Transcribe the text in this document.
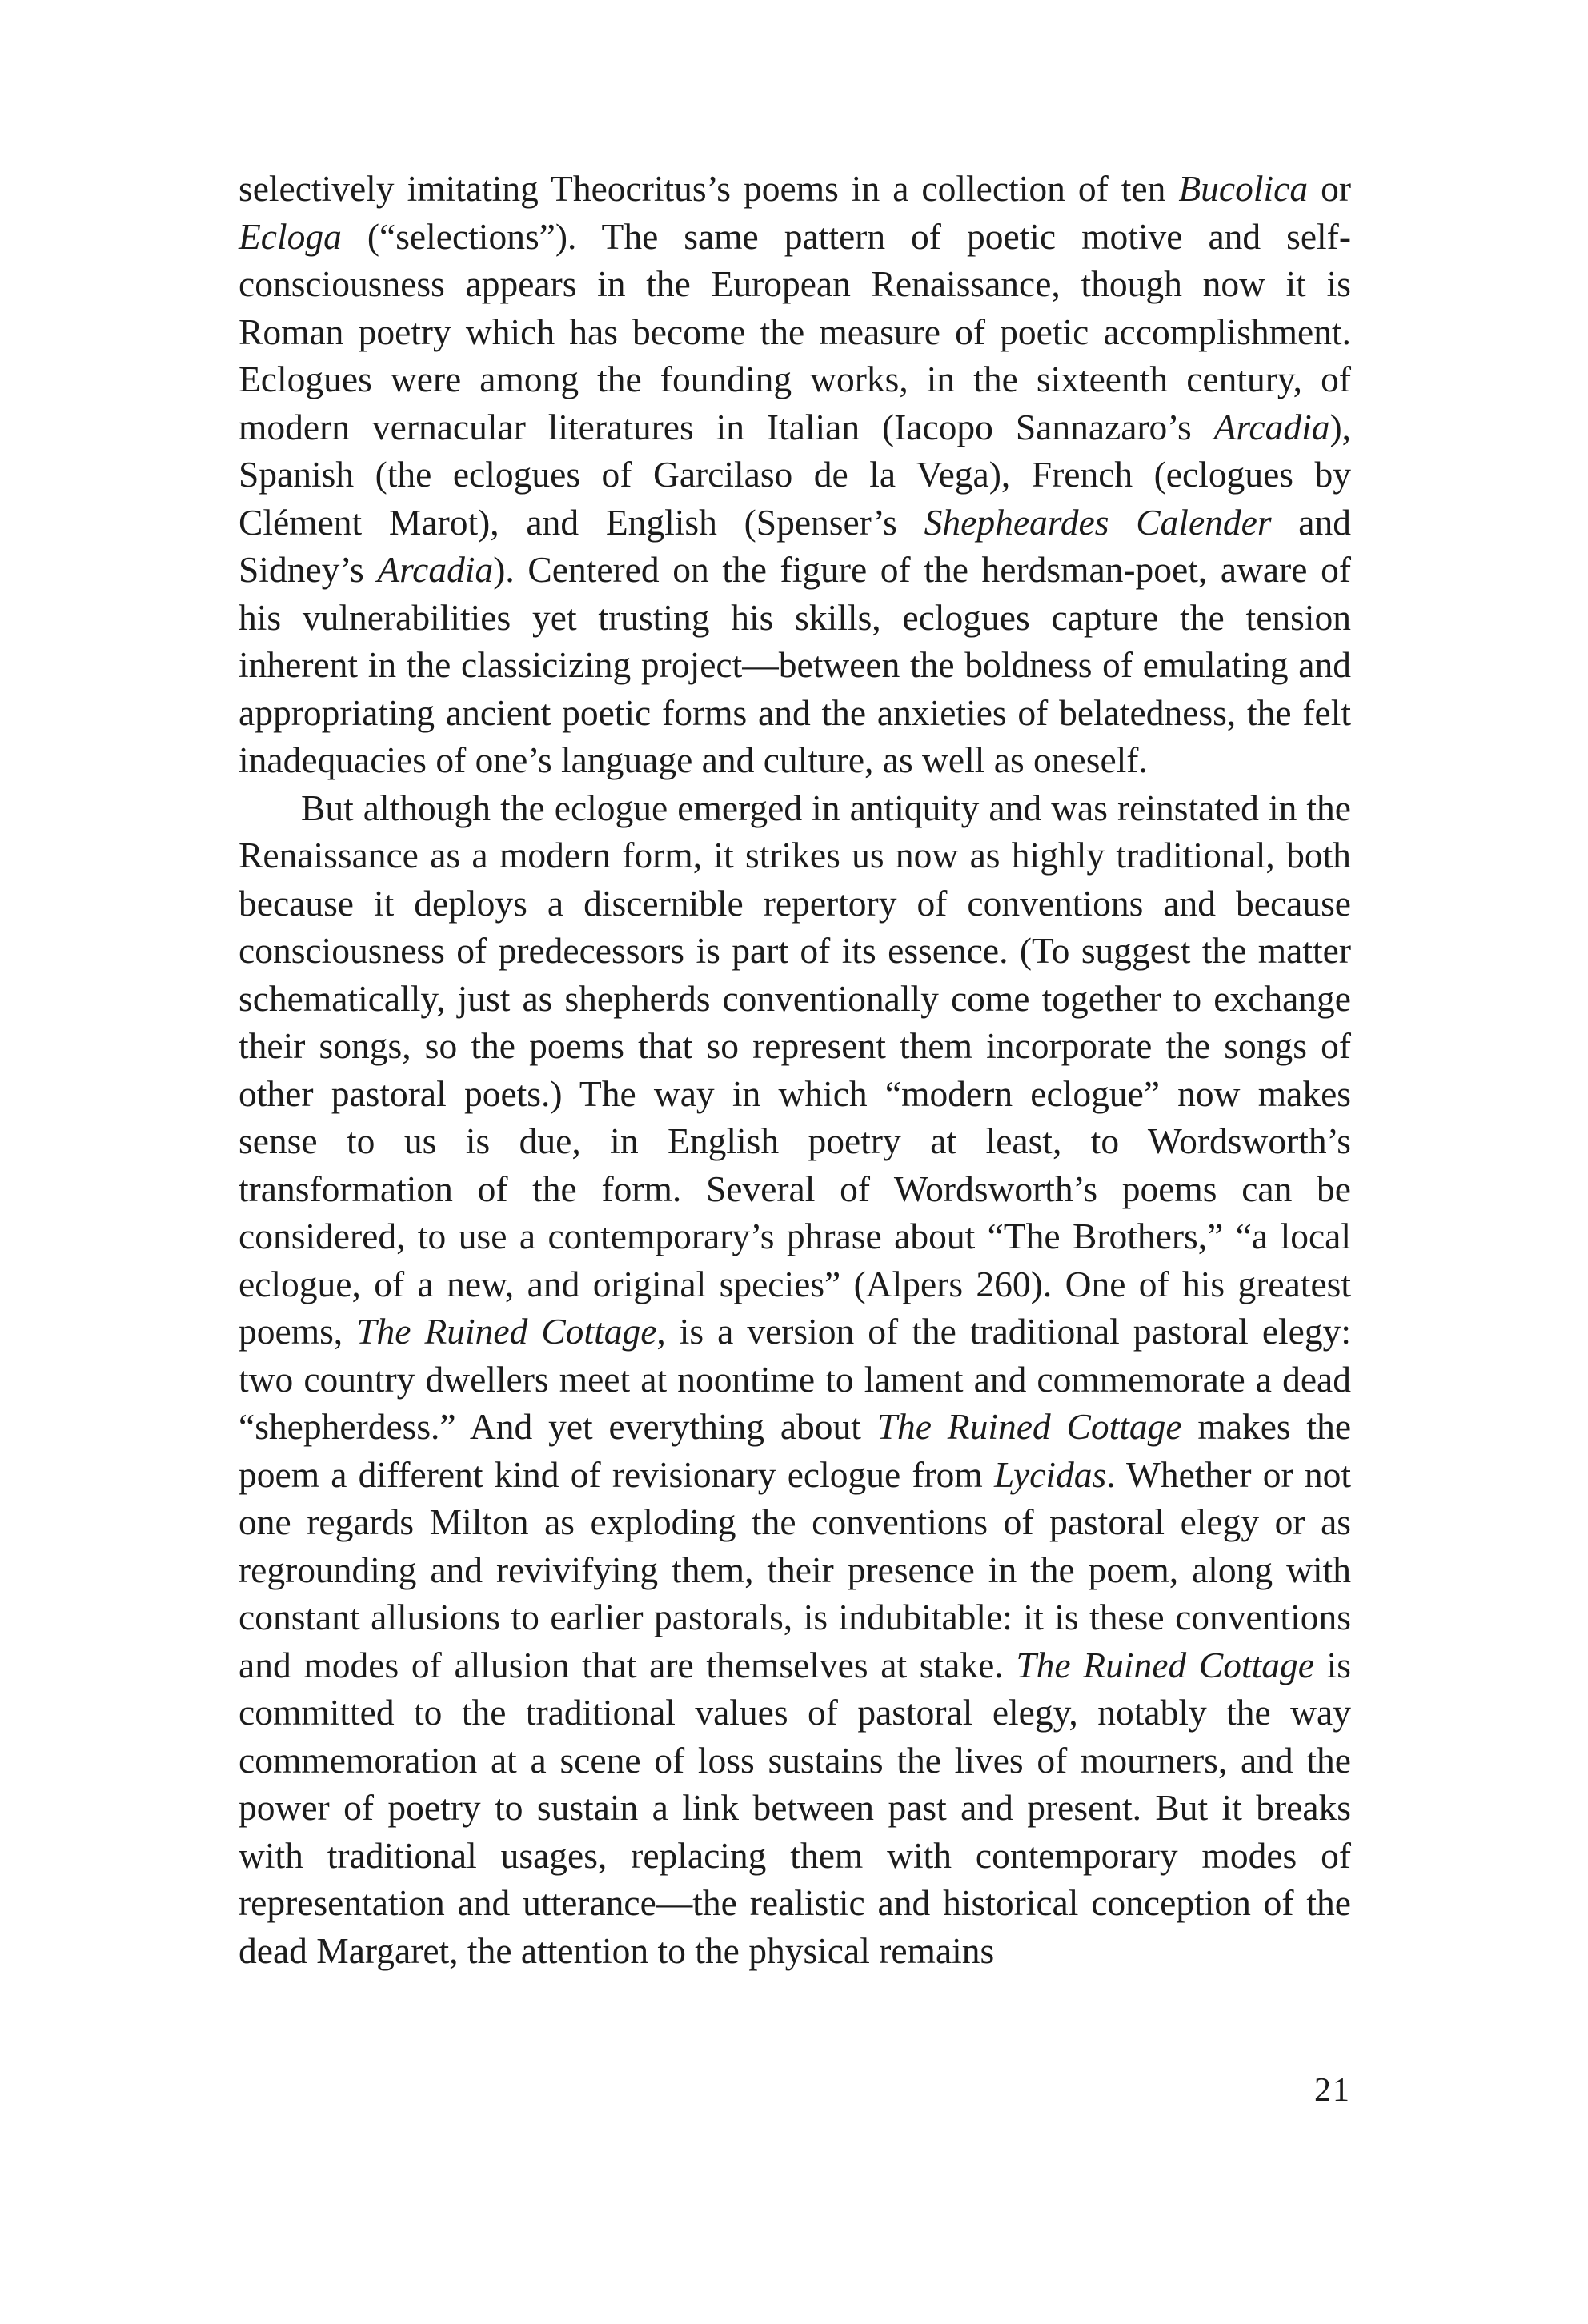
selectively imitating Theocritus’s poems in a collection of ten Bucolica or Ecloga (“selections”). The same pattern of poetic motive and self-consciousness appears in the European Renaissance, though now it is Roman poetry which has become the measure of poetic accomplishment. Eclogues were among the founding works, in the sixteenth century, of modern vernacular literatures in Italian (Iacopo Sannazaro’s Arcadia), Spanish (the eclogues of Garcilaso de la Vega), French (eclogues by Clément Marot), and English (Spenser’s Shepheardes Calender and Sidney’s Arcadia). Centered on the figure of the herdsman-poet, aware of his vulnerabilities yet trusting his skills, eclogues capture the tension inherent in the classicizing project—between the boldness of emulating and appropriating ancient poetic forms and the anxieties of belatedness, the felt inadequacies of one’s language and culture, as well as oneself.

But although the eclogue emerged in antiquity and was reinstated in the Renaissance as a modern form, it strikes us now as highly traditional, both because it deploys a discernible repertory of conventions and because consciousness of predecessors is part of its essence. (To suggest the matter schematically, just as shepherds conventionally come together to exchange their songs, so the poems that so represent them incorporate the songs of other pastoral poets.) The way in which “modern eclogue” now makes sense to us is due, in English poetry at least, to Wordsworth’s transformation of the form. Several of Wordsworth’s poems can be considered, to use a contemporary’s phrase about “The Brothers,” “a local eclogue, of a new, and original species” (Alpers 260). One of his greatest poems, The Ruined Cottage, is a version of the traditional pastoral elegy: two country dwellers meet at noontime to lament and commemorate a dead “shepherdess.” And yet everything about The Ruined Cottage makes the poem a different kind of revisionary eclogue from Lycidas. Whether or not one regards Milton as exploding the conventions of pastoral elegy or as regrounding and revivifying them, their presence in the poem, along with constant allusions to earlier pastorals, is indubitable: it is these conventions and modes of allusion that are themselves at stake. The Ruined Cottage is committed to the traditional values of pastoral elegy, notably the way commemoration at a scene of loss sustains the lives of mourners, and the power of poetry to sustain a link between past and present. But it breaks with traditional usages, replacing them with contemporary modes of representation and utterance—the realistic and historical conception of the dead Margaret, the attention to the physical remains

21
